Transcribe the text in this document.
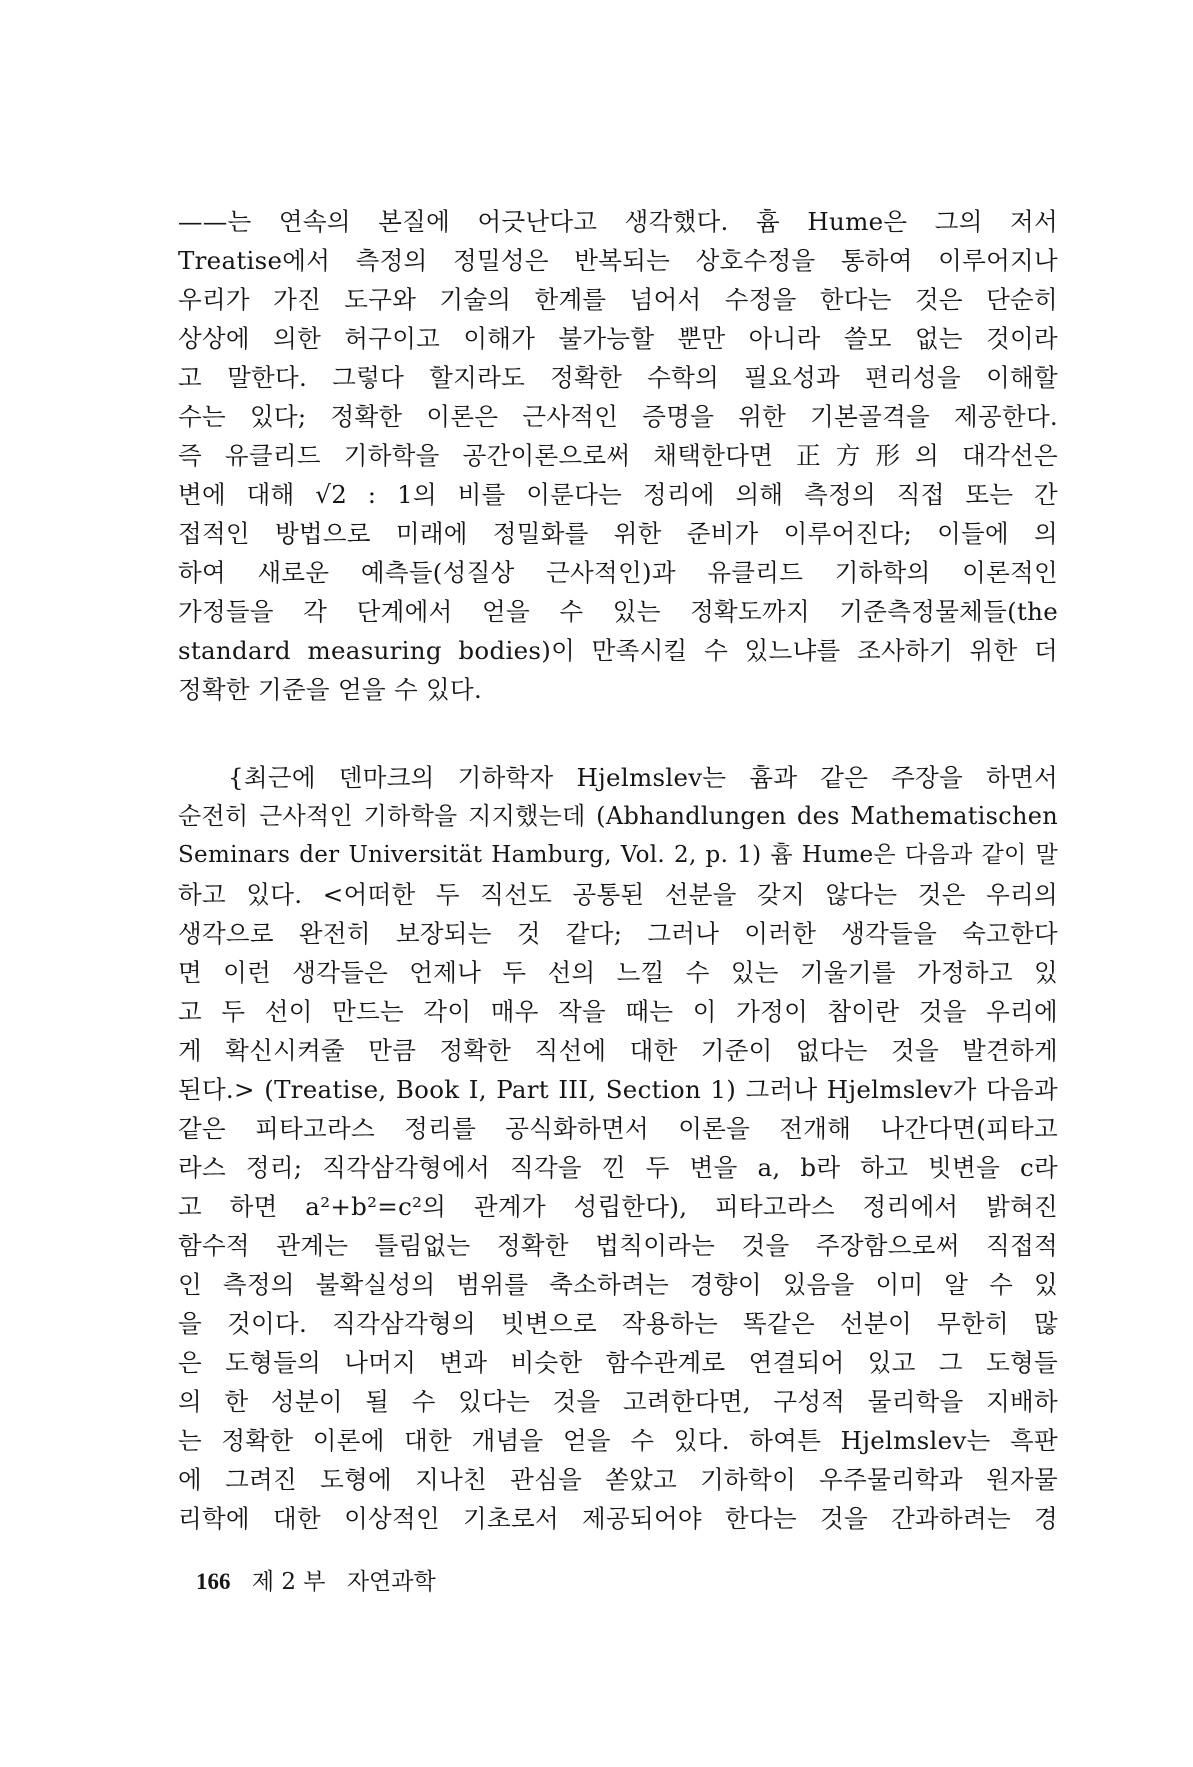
——는 연속의 본질에 어긋난다고 생각했다. 흄 Hume은 그의 저서
Treatise에서 측정의 정밀성은 반복되는 상호수정을 통하여 이루어지나
우리가 가진 도구와 기술의 한계를 넘어서 수정을 한다는 것은 단순히
상상에 의한 허구이고 이해가 불가능할 뿐만 아니라 쓸모 없는 것이라
고 말한다. 그렇다 할지라도 정확한 수학의 필요성과 편리성을 이해할
수는 있다; 정확한 이론은 근사적인 증명을 위한 기본골격을 제공한다.
즉 유클리드 기하학을 공간이론으로써 채택한다면 正方形의 대각선은
변에 대해 √2 : 1의 비를 이룬다는 정리에 의해 측정의 직접 또는 간
접적인 방법으로 미래에 정밀화를 위한 준비가 이루어진다; 이들에 의
하여 새로운 예측들(성질상 근사적인)과 유클리드 기하학의 이론적인
가정들을 각 단계에서 얻을 수 있는 정확도까지 기준측정물체들(the
standard measuring bodies)이 만족시킬 수 있느냐를 조사하기 위한 더
정확한 기준을 얻을 수 있다.
{최근에 덴마크의 기하학자 Hjelmslev는 흄과 같은 주장을 하면서
순전히 근사적인 기하학을 지지했는데 (Abhandlungen des Mathematischen
Seminars der Universität Hamburg, Vol. 2, p. 1) 흄 Hume은 다음과 같이 말
하고 있다. <어떠한 두 직선도 공통된 선분을 갖지 않다는 것은 우리의
생각으로 완전히 보장되는 것 같다; 그러나 이러한 생각들을 숙고한다
면 이런 생각들은 언제나 두 선의 느낄 수 있는 기울기를 가정하고 있
고 두 선이 만드는 각이 매우 작을 때는 이 가정이 참이란 것을 우리에
게 확신시켜줄 만큼 정확한 직선에 대한 기준이 없다는 것을 발견하게
된다.> (Treatise, Book I, Part III, Section 1) 그러나 Hjelmslev가 다음과
같은 피타고라스 정리를 공식화하면서 이론을 전개해 나간다면(피타고
라스 정리; 직각삼각형에서 직각을 낀 두 변을 a, b라 하고 빗변을 c라
고 하면 a²+b²=c²의 관계가 성립한다), 피타고라스 정리에서 밝혀진
함수적 관계는 틀림없는 정확한 법칙이라는 것을 주장함으로써 직접적
인 측정의 불확실성의 범위를 축소하려는 경향이 있음을 이미 알 수 있
을 것이다. 직각삼각형의 빗변으로 작용하는 똑같은 선분이 무한히 많
은 도형들의 나머지 변과 비슷한 함수관계로 연결되어 있고 그 도형들
의 한 성분이 될 수 있다는 것을 고려한다면, 구성적 물리학을 지배하
는 정확한 이론에 대한 개념을 얻을 수 있다. 하여튼 Hjelmslev는 흑판
에 그려진 도형에 지나친 관심을 쏟았고 기하학이 우주물리학과 원자물
리학에 대한 이상적인 기초로서 제공되어야 한다는 것을 간과하려는 경
166 제 2 부 자연과학
